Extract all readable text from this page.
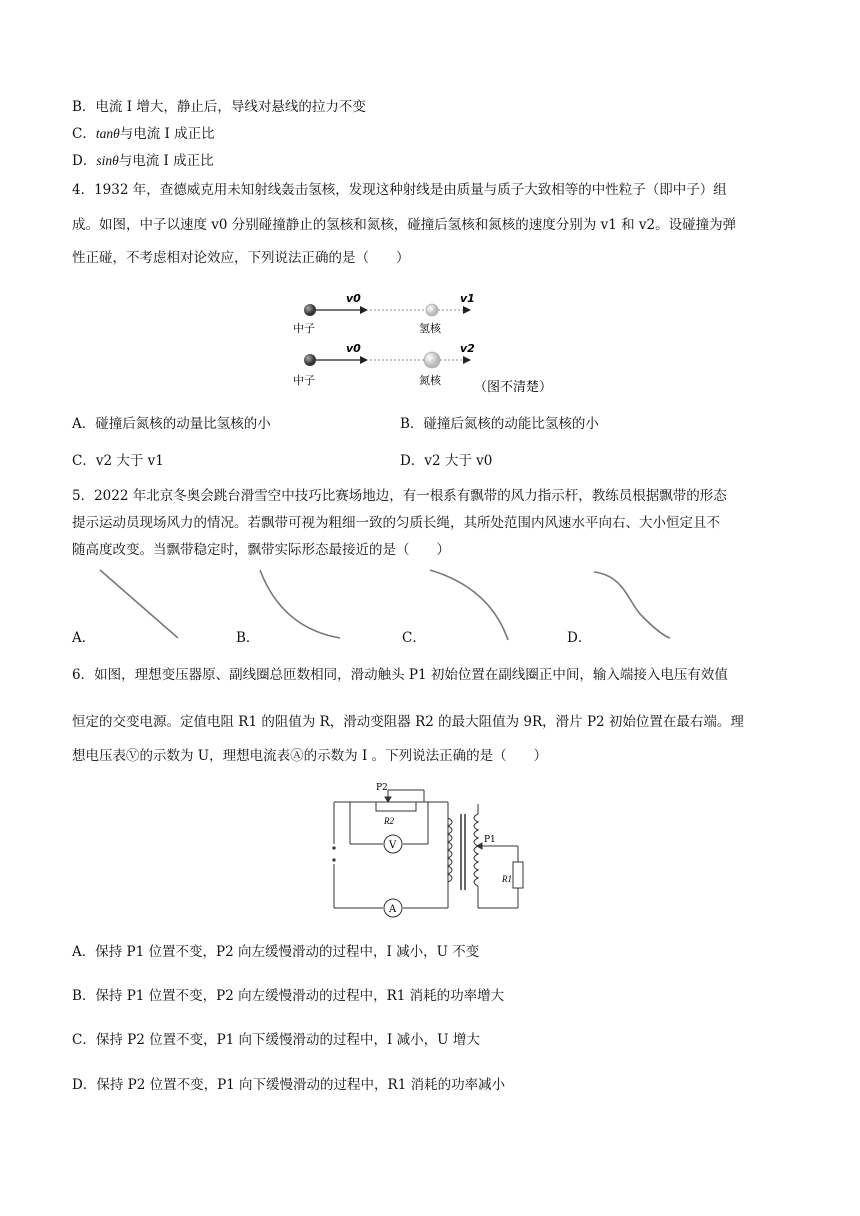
B．电流 I 增大，静止后，导线对悬线的拉力不变
C．tanθ与电流 I 成正比
D．sinθ与电流 I 成正比
4．1932 年，查德威克用未知射线轰击氢核，发现这种射线是由质量与质子大致相等的中性粒子（即中子）组
成。如图，中子以速度 v0 分别碰撞静止的氢核和氮核，碰撞后氢核和氮核的速度分别为 v1 和 v2。设碰撞为弹
性正碰，不考虑相对论效应，下列说法正确的是（　　）
v0	v1
中子	氢核
v0	v2
中子	氮核	（图不清楚）
A．碰撞后氮核的动量比氢核的小	B．碰撞后氮核的动能比氢核的小
C．v2 大于 v1	D．v2 大于 v0
5．2022 年北京冬奥会跳台滑雪空中技巧比赛场地边，有一根系有飘带的风力指示杆，教练员根据飘带的形态
提示运动员现场风力的情况。若飘带可视为粗细一致的匀质长绳，其所处范围内风速水平向右、大小恒定且不
随高度改变。当飘带稳定时，飘带实际形态最接近的是（　　）
A．	B．	C．	D．
6．如图，理想变压器原、副线圈总匝数相同，滑动触头 P1 初始位置在副线圈正中间，输入端接入电压有效值
恒定的交变电源。定值电阻 R1 的阻值为 R，滑动变阻器 R2 的最大阻值为 9R，滑片 P2 初始位置在最右端。理
想电压表Ⓥ的示数为 U，理想电流表Ⓐ的示数为 I 。下列说法正确的是（　　）
P2
R2
V
A
P1
R1
A．保持 P1 位置不变，P2 向左缓慢滑动的过程中，I 减小，U 不变
B．保持 P1 位置不变，P2 向左缓慢滑动的过程中，R1 消耗的功率增大
C．保持 P2 位置不变，P1 向下缓慢滑动的过程中，I 减小，U 增大
D．保持 P2 位置不变，P1 向下缓慢滑动的过程中，R1 消耗的功率减小
